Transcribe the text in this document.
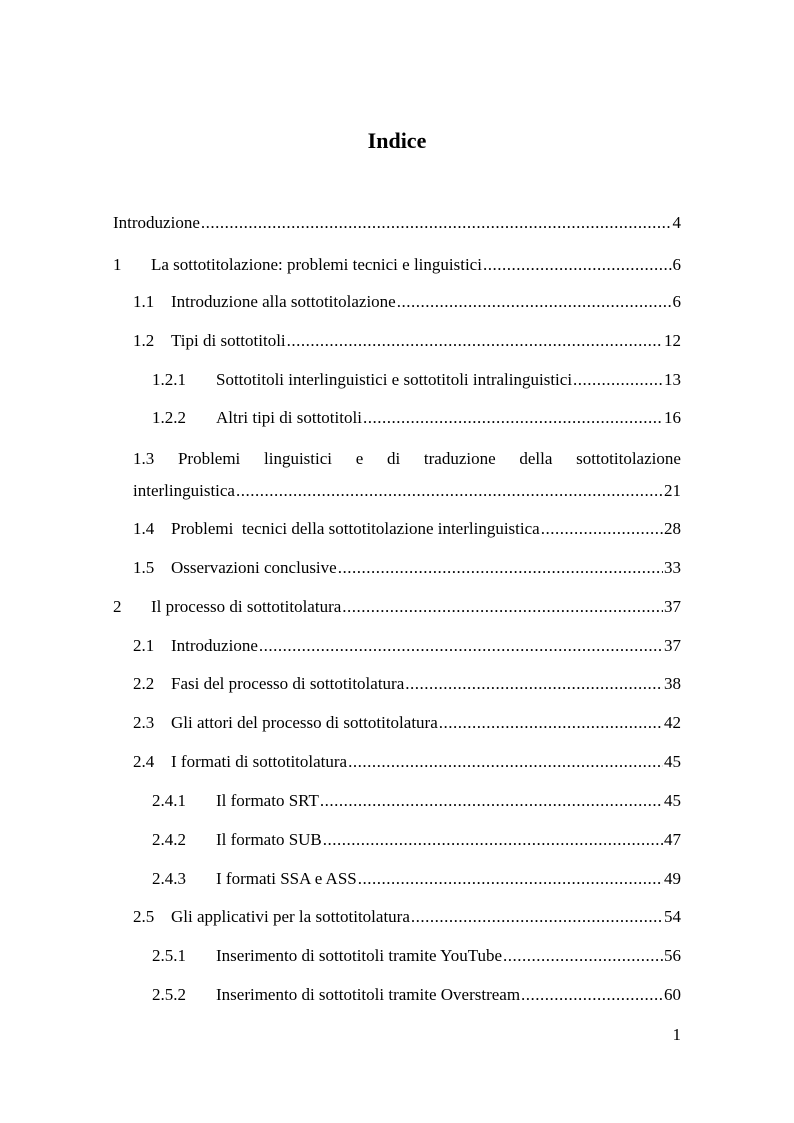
Indice
Introduzione .....	4
1	La sottotitolazione: problemi tecnici e linguistici .....	6
1.1 Introduzione alla sottotitolazione .....	6
1.2 Tipi di sottotitoli .....	12
1.2.1	Sottotitoli interlinguistici e sottotitoli intralinguistici .....	13
1.2.2	Altri tipi di sottotitoli .....	16
1.3 Problemi linguistici e di traduzione della sottotitolazione
interlinguistica .....	21
1.4 Problemi  tecnici della sottotitolazione interlinguistica .....	28
1.5 Osservazioni conclusive .....	33
2	Il processo di sottotitolatura .....	37
2.1 Introduzione .....	37
2.2 Fasi del processo di sottotitolatura .....	38
2.3 Gli attori del processo di sottotitolatura .....	42
2.4 I formati di sottotitolatura .....	45
2.4.1	Il formato SRT .....	45
2.4.2	Il formato SUB .....	47
2.4.3	I formati SSA e ASS .....	49
2.5 Gli applicativi per la sottotitolatura .....	54
2.5.1	Inserimento di sottotitoli tramite YouTube .....	56
2.5.2	Inserimento di sottotitoli tramite Overstream .....	60
1
